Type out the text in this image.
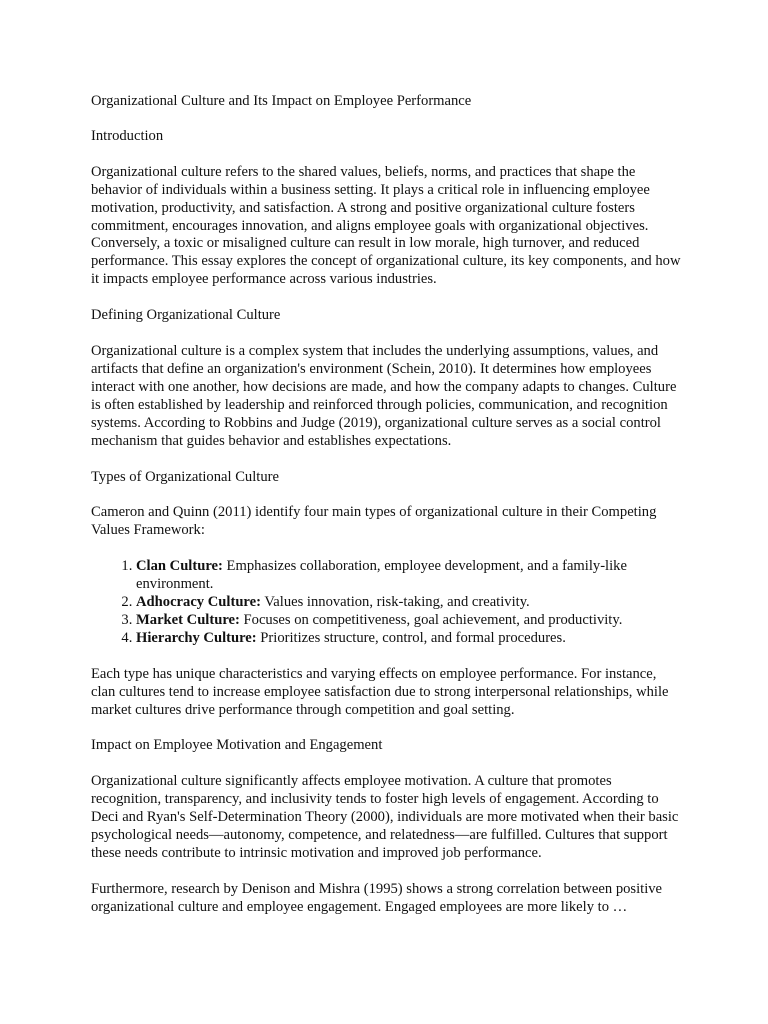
Organizational Culture and Its Impact on Employee Performance

Introduction

Organizational culture refers to the shared values, beliefs, norms, and practices that shape the behavior of individuals within a business setting. It plays a critical role in influencing employee motivation, productivity, and satisfaction. A strong and positive organizational culture fosters commitment, encourages innovation, and aligns employee goals with organizational objectives. Conversely, a toxic or misaligned culture can result in low morale, high turnover, and reduced performance. This essay explores the concept of organizational culture, its key components, and how it impacts employee performance across various industries.

Defining Organizational Culture

Organizational culture is a complex system that includes the underlying assumptions, values, and artifacts that define an organization's environment (Schein, 2010). It determines how employees interact with one another, how decisions are made, and how the company adapts to changes. Culture is often established by leadership and reinforced through policies, communication, and recognition systems. According to Robbins and Judge (2019), organizational culture serves as a social control mechanism that guides behavior and establishes expectations.

Types of Organizational Culture

Cameron and Quinn (2011) identify four main types of organizational culture in their Competing Values Framework:

1. Clan Culture: Emphasizes collaboration, employee development, and a family-like environment.
2. Adhocracy Culture: Values innovation, risk-taking, and creativity.
3. Market Culture: Focuses on competitiveness, goal achievement, and productivity.
4. Hierarchy Culture: Prioritizes structure, control, and formal procedures.

Each type has unique characteristics and varying effects on employee performance. For instance, clan cultures tend to increase employee satisfaction due to strong interpersonal relationships, while market cultures drive performance through competition and goal setting.

Impact on Employee Motivation and Engagement

Organizational culture significantly affects employee motivation. A culture that promotes recognition, transparency, and inclusivity tends to foster high levels of engagement. According to Deci and Ryan's Self-Determination Theory (2000), individuals are more motivated when their basic psychological needs—autonomy, competence, and relatedness—are fulfilled. Cultures that support these needs contribute to intrinsic motivation and improved job performance.

Furthermore, research by Denison and Mishra (1995) shows a strong correlation between positive organizational culture and employee engagement. Engaged employees are more likely to …
